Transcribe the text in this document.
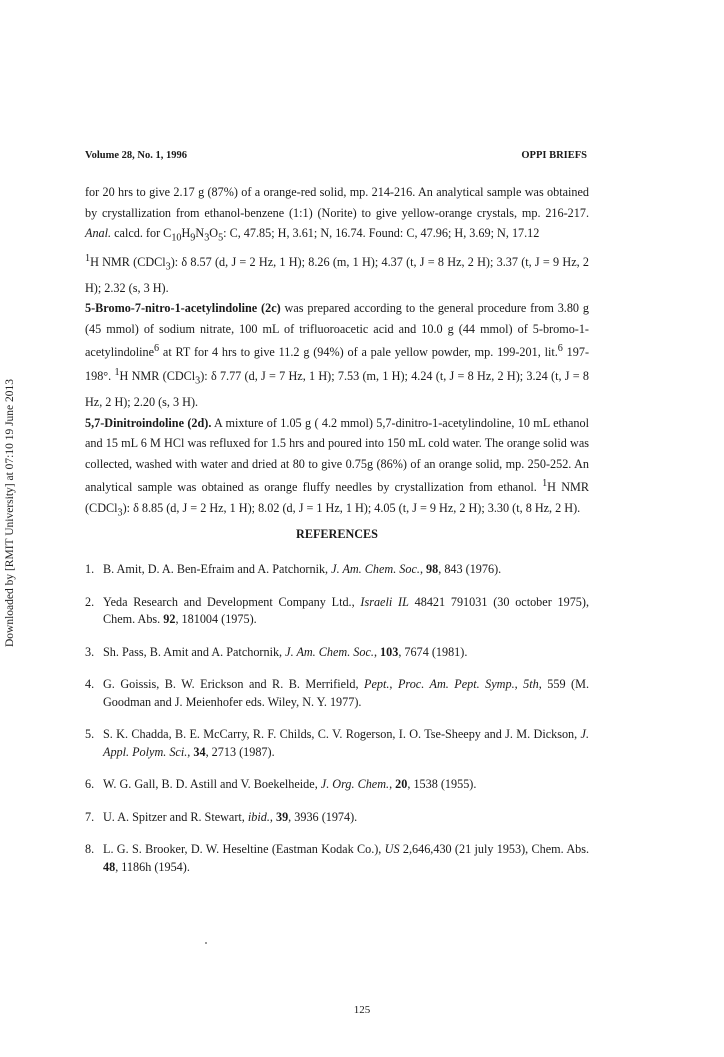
Downloaded by [RMIT University] at 07:10 19 June 2013
Volume 28, No. 1, 1996	OPPI BRIEFS

for 20 hrs to give 2.17 g (87%) of a orange-red solid, mp. 214-216. An analytical sample was obtained by crystallization from ethanol-benzene (1:1) (Norite) to give yellow-orange crystals, mp. 216-217. Anal. calcd. for $C_{10}H_9N_3O_5$: C, 47.85; H, 3.61; N, 16.74. Found: C, 47.96; H, 3.69; N, 17.12
$^1$H NMR (CDCl$_3$): δ 8.57 (d, J = 2 Hz, 1 H); 8.26 (m, 1 H); 4.37 (t, J = 8 Hz, 2 H); 3.37 (t, J = 9 Hz, 2 H); 2.32 (s, 3 H).

5-Bromo-7-nitro-1-acetylindoline (2c) was prepared according to the general procedure from 3.80 g (45 mmol) of sodium nitrate, 100 mL of trifluoroacetic acid and 10.0 g (44 mmol) of 5-bromo-1-acetylindoline$^6$ at RT for 4 hrs to give 11.2 g (94%) of a pale yellow powder, mp. 199-201, lit.$^6$ 197-198°. $^1$H NMR (CDCl$_3$): δ 7.77 (d, J = 7 Hz, 1 H); 7.53 (m, 1 H); 4.24 (t, J = 8 Hz, 2 H); 3.24 (t, J = 8 Hz, 2 H); 2.20 (s, 3 H).

5,7-Dinitroindoline (2d). A mixture of 1.05 g ( 4.2 mmol) 5,7-dinitro-1-acetylindoline, 10 mL ethanol and 15 mL 6 M HCl was refluxed for 1.5 hrs and poured into 150 mL cold water. The orange solid was collected, washed with water and dried at 80 to give 0.75g (86%) of an orange solid, mp. 250-252. An analytical sample was obtained as orange fluffy needles by crystallization from ethanol. $^1$H NMR (CDCl$_3$): δ 8.85 (d, J = 2 Hz, 1 H); 8.02 (d, J = 1 Hz, 1 H); 4.05 (t, J = 9 Hz, 2 H); 3.30 (t, 8 Hz, 2 H).

REFERENCES
1. B. Amit, D. A. Ben-Efraim and A. Patchornik, J. Am. Chem. Soc., 98, 843 (1976).
2. Yeda Research and Development Company Ltd., Israeli IL 48421 791031 (30 october 1975), Chem. Abs. 92, 181004 (1975).
3. Sh. Pass, B. Amit and A. Patchornik, J. Am. Chem. Soc., 103, 7674 (1981).
4. G. Goissis, B. W. Erickson and R. B. Merrifield, Pept., Proc. Am. Pept. Symp., 5th, 559 (M. Goodman and J. Meienhofer eds. Wiley, N. Y. 1977).
5. S. K. Chadda, B. E. McCarry, R. F. Childs, C. V. Rogerson, I. O. Tse-Sheepy and J. M. Dickson, J. Appl. Polym. Sci., 34, 2713 (1987).
6. W. G. Gall, B. D. Astill and V. Boekelheide, J. Org. Chem., 20, 1538 (1955).
7. U. A. Spitzer and R. Stewart, ibid., 39, 3936 (1974).
8. L. G. S. Brooker, D. W. Heseltine (Eastman Kodak Co.), US 2,646,430 (21 july 1953), Chem. Abs. 48, 1186h (1954).
125
